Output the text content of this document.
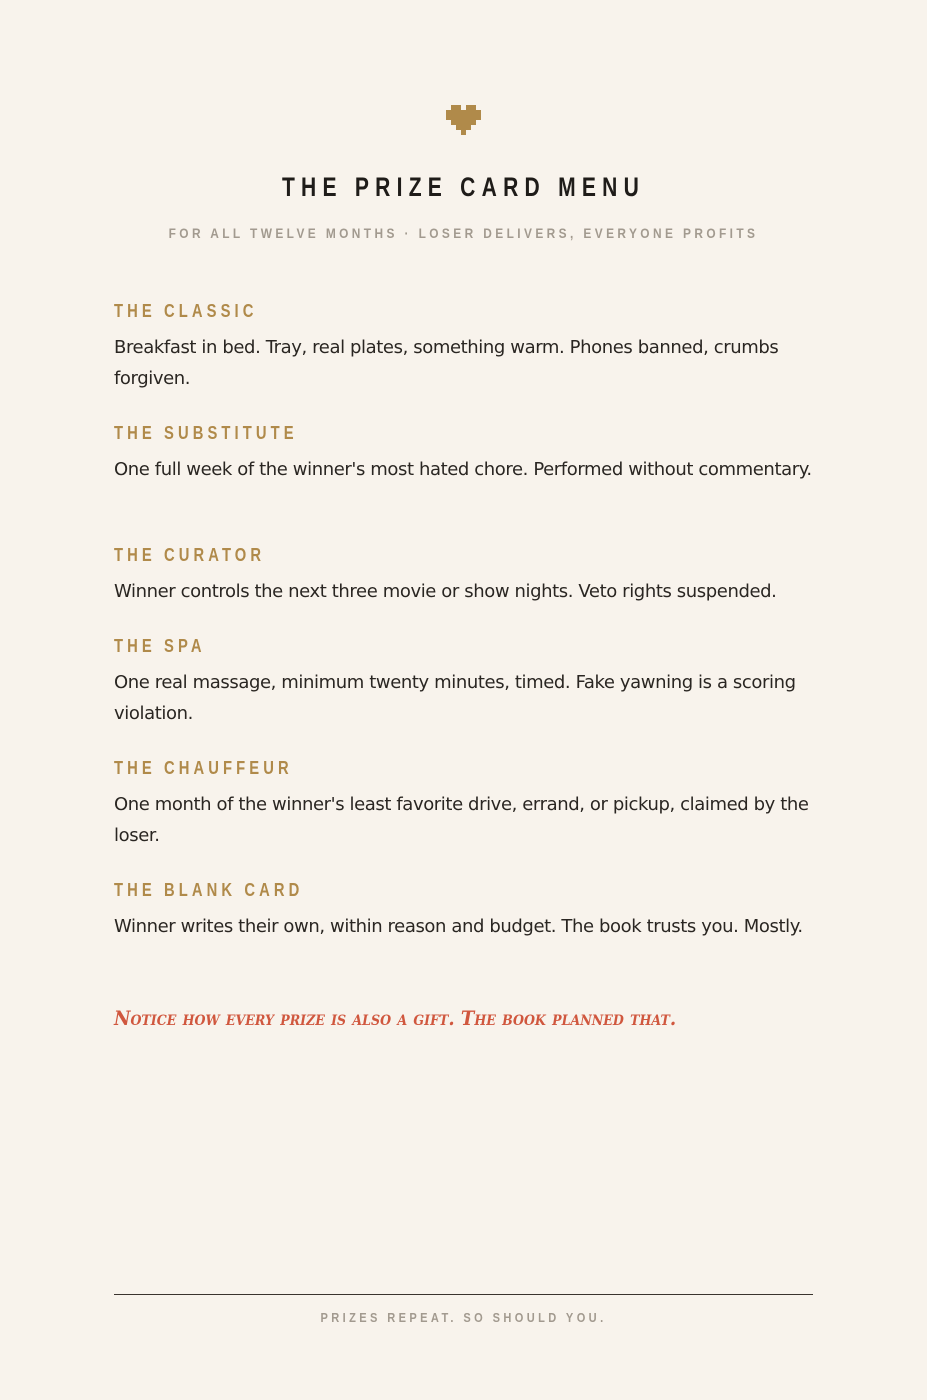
THE PRIZE CARD MENU
FOR ALL TWELVE MONTHS · LOSER DELIVERS, EVERYONE PROFITS
THE CLASSIC
Breakfast in bed. Tray, real plates, something warm. Phones banned, crumbs forgiven.
THE SUBSTITUTE
One full week of the winner's most hated chore. Performed without commentary.
THE CURATOR
Winner controls the next three movie or show nights. Veto rights suspended.
THE SPA
One real massage, minimum twenty minutes, timed. Fake yawning is a scoring violation.
THE CHAUFFEUR
One month of the winner's least favorite drive, errand, or pickup, claimed by the loser.
THE BLANK CARD
Winner writes their own, within reason and budget. The book trusts you. Mostly.
Notice how every prize is also a gift. The book planned that.
PRIZES REPEAT. SO SHOULD YOU.
